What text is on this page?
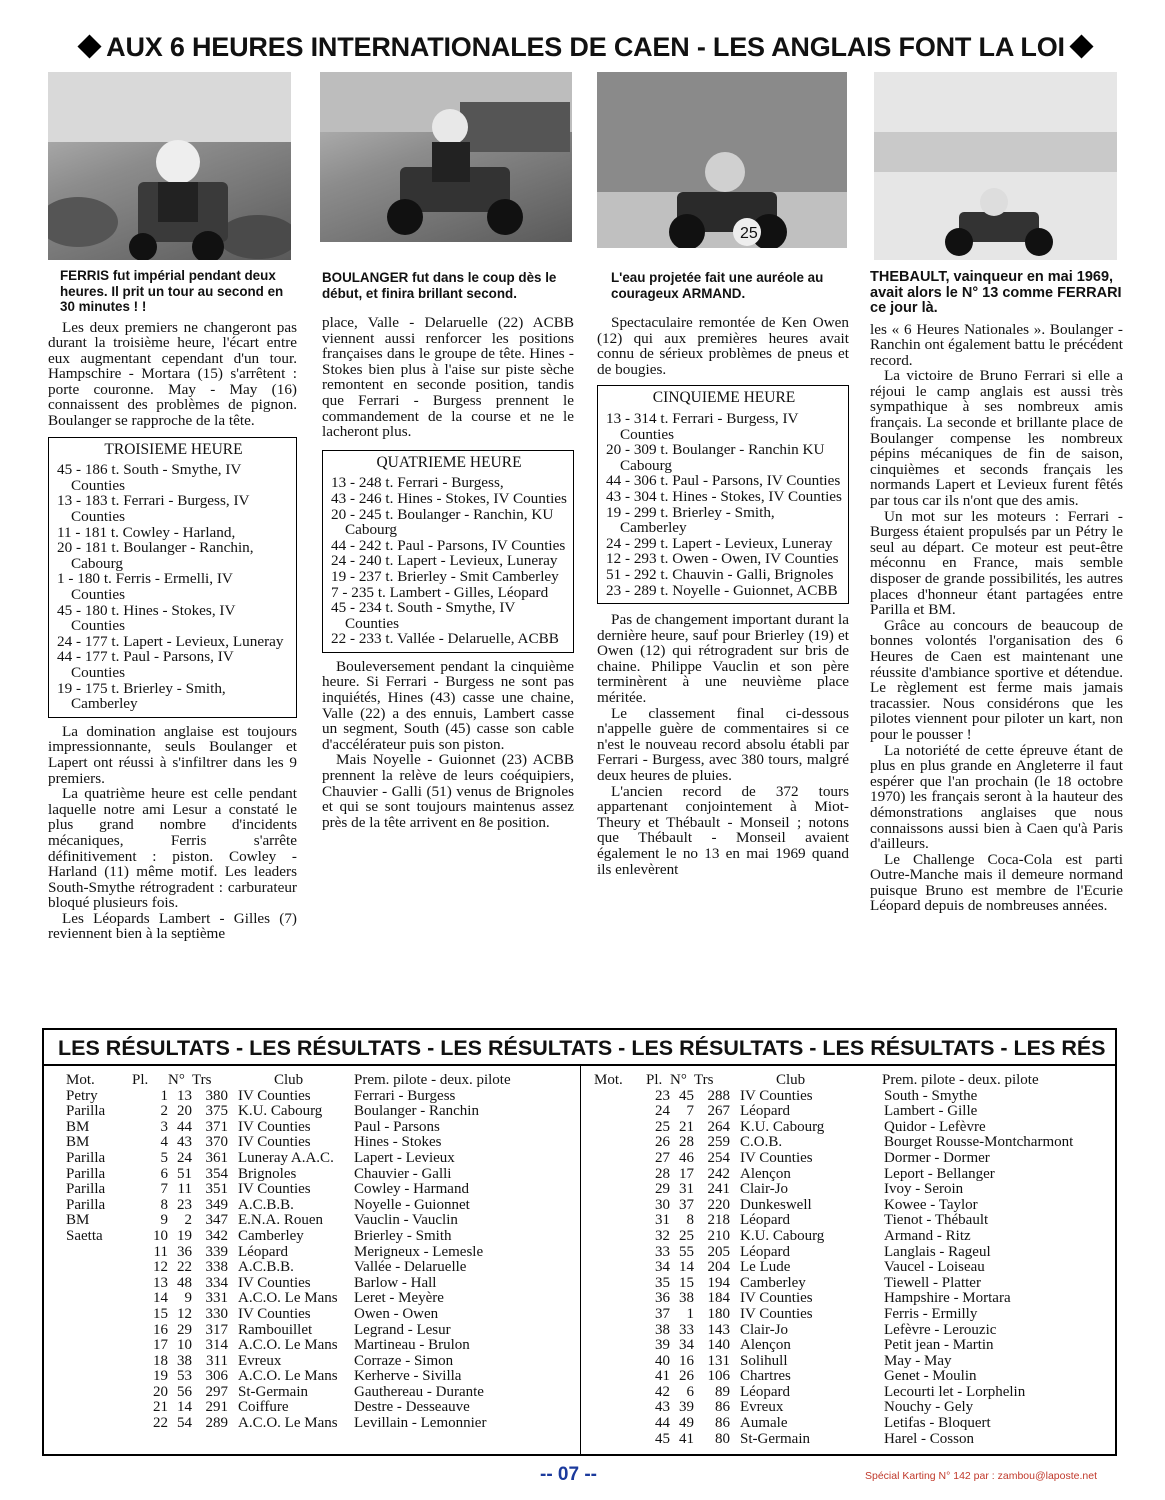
AUX 6 HEURES INTERNATIONALES DE CAEN - LES ANGLAIS FONT LA LOI
25
FERRIS fut impérial pendant deux heures. Il prit un tour au second en 30 minutes ! !

Les deux premiers ne changeront pas durant la troisième heure, l'écart entre eux augmentant cependant d'un tour. Hampschire - Mortara (15) s'arrêtent : porte couronne. May - May (16) connaissent des problèmes de pignon. Boulanger se rapproche de la tête.

TROISIEME HEURE
45 - 186 t. South - Smythe, IV Counties
13 - 183 t. Ferrari - Burgess, IV Counties
11 - 181 t. Cowley - Harland,
20 - 181 t. Boulanger - Ranchin, Cabourg
1 - 180 t. Ferris - Ermelli, IV Counties
45 - 180 t. Hines - Stokes, IV Counties
24 - 177 t. Lapert - Levieux, Luneray
44 - 177 t. Paul - Parsons, IV Counties
19 - 175 t. Brierley - Smith, Camberley

La domination anglaise est toujours impressionnante, seuls Boulanger et Lapert ont réussi à s'infiltrer dans les 9 premiers.

La quatrième heure est celle pendant laquelle notre ami Lesur a constaté le plus grand nombre d'incidents mécaniques, Ferris s'arrête définitivement : piston. Cowley - Harland (11) même motif. Les leaders South-Smythe rétrogradent : carburateur bloqué plusieurs fois.

Les Léopards Lambert - Gilles (7) reviennent bien à la septième

BOULANGER fut dans le coup dès le début, et finira brillant second.

place, Valle - Delaruelle (22) ACBB viennent aussi renforcer les positions françaises dans le groupe de tête. Hines - Stokes bien plus à l'aise sur piste sèche remontent en seconde position, tandis que Ferrari - Burgess prennent le commandement de la course et ne le lacheront plus.

QUATRIEME HEURE
13 - 248 t. Ferrari - Burgess,
43 - 246 t. Hines - Stokes, IV Counties
20 - 245 t. Boulanger - Ranchin, KU Cabourg
44 - 242 t. Paul - Parsons, IV Counties
24 - 240 t. Lapert - Levieux, Luneray
19 - 237 t. Brierley - Smit Camberley
7 - 235 t. Lambert - Gilles, Léopard
45 - 234 t. South - Smythe, IV Counties
22 - 233 t. Vallée - Delaruelle, ACBB

Bouleversement pendant la cinquième heure. Si Ferrari - Burgess ne sont pas inquiétés, Hines (43) casse une chaine, Valle (22) a des ennuis, Lambert casse un segment, South (45) casse son cable d'accélérateur puis son piston.

Mais Noyelle - Guionnet (23) ACBB prennent la relève de leurs coéquipiers, Chauvier - Galli (51) venus de Brignoles et qui se sont toujours maintenus assez près de la tête arrivent en 8e position.

L'eau projetée fait une auréole au courageux ARMAND.

Spectaculaire remontée de Ken Owen (12) qui aux premières heures avait connu de sérieux problèmes de pneus et de bougies.

CINQUIEME HEURE
13 - 314 t. Ferrari - Burgess, IV Counties
20 - 309 t. Boulanger - Ranchin KU Cabourg
44 - 306 t. Paul - Parsons, IV Counties
43 - 304 t. Hines - Stokes, IV Counties
19 - 299 t. Brierley - Smith, Camberley
24 - 299 t. Lapert - Levieux, Luneray
12 - 293 t. Owen - Owen, IV Counties
51 - 292 t. Chauvin - Galli, Brignoles
23 - 289 t. Noyelle - Guionnet, ACBB

Pas de changement important durant la dernière heure, sauf pour Brierley (19) et Owen (12) qui rétrogradent sur bris de chaine. Philippe Vauclin et son père terminèrent à une neuvième place méritée.

Le classement final ci-dessous n'appelle guère de commentaires si ce n'est le nouveau record absolu établi par Ferrari - Burgess, avec 380 tours, malgré deux heures de pluies.

L'ancien record de 372 tours appartenant conjointement à Miot-Theury et Thébault - Monseil ; notons que Thébault - Monseil avaient également le no 13 en mai 1969 quand ils enlevèrent

THEBAULT, vainqueur en mai 1969, avait alors le N° 13 comme FERRARI ce jour là.

les « 6 Heures Nationales ». Boulanger - Ranchin ont également battu le précédent record.

La victoire de Bruno Ferrari si elle a réjoui le camp anglais est aussi très sympathique à ses nombreux amis français. La seconde et brillante place de Boulanger compense les nombreux pépins mécaniques de fin de saison, cinquièmes et seconds français les normands Lapert et Levieux furent fêtés par tous car ils n'ont que des amis.

Un mot sur les moteurs : Ferrari - Burgess étaient propulsés par un Pétry le seul au départ. Ce moteur est peut-être méconnu en France, mais semble disposer de grande possibilités, les autres places d'honneur étant partagées entre Parilla et BM.

Grâce au concours de beaucoup de bonnes volontés l'organisation des 6 Heures de Caen est maintenant une réussite d'ambiance sportive et détendue. Le règlement est ferme mais jamais tracassier. Nous considérons que les pilotes viennent pour piloter un kart, non pour le pousser !

La notoriété de cette épreuve étant de plus en plus grande en Angleterre il faut espérer que l'an prochain (le 18 octobre 1970) les français seront à la hauteur des démonstrations anglaises que nous connaissons aussi bien à Caen qu'à Paris d'ailleurs.

Le Challenge Coca-Cola est parti Outre-Manche mais il demeure normand puisque Bruno est membre de l'Ecurie Léopard depuis de nombreuses années.

LES RÉSULTATS - LES RÉSULTATS - LES RÉSULTATS - LES RÉSULTATS - LES RÉSULTATS - LES RÉS
Mot.	Pl.	N°	Trs	Club	Prem. pilote - deux. pilote
Petry	1	13	380	IV Counties	Ferrari - Burgess
Parilla	2	20	375	K.U. Cabourg	Boulanger - Ranchin
BM	3	44	371	IV Counties	Paul - Parsons
BM	4	43	370	IV Counties	Hines - Stokes
Parilla	5	24	361	Luneray A.A.C.	Lapert - Levieux
Parilla	6	51	354	Brignoles	Chauvier - Galli
Parilla	7	11	351	IV Counties	Cowley - Harmand
Parilla	8	23	349	A.C.B.B.	Noyelle - Guionnet
BM	9	2	347	E.N.A. Rouen	Vauclin - Vauclin
Saetta	10	19	342	Camberley	Brierley - Smith
	11	36	339	Léopard	Merigneux - Lemesle
	12	22	338	A.C.B.B.	Vallée - Delaruelle
	13	48	334	IV Counties	Barlow - Hall
	14	9	331	A.C.O. Le Mans	Leret - Meyère
	15	12	330	IV Counties	Owen - Owen
	16	29	317	Rambouillet	Legrand - Lesur
	17	10	314	A.C.O. Le Mans	Martineau - Brulon
	18	38	311	Evreux	Corraze - Simon
	19	53	306	A.C.O. Le Mans	Kerherve - Sivilla
	20	56	297	St-Germain	Gauthereau - Durante
	21	14	291	Coiffure	Destre - Desseauve
	22	54	289	A.C.O. Le Mans	Levillain - Lemonnier
Mot.	Pl.	N°	Trs	Club	Prem. pilote - deux. pilote
	23	45	288	IV Counties	South - Smythe
	24	7	267	Léopard	Lambert - Gille
	25	21	264	K.U. Cabourg	Quidor - Lefèvre
	26	28	259	C.O.B.	Bourget Rousse-Montcharmont
	27	46	254	IV Counties	Dormer - Dormer
	28	17	242	Alençon	Leport - Bellanger
	29	31	241	Clair-Jo	Ivoy - Seroin
	30	37	220	Dunkeswell	Kowee - Taylor
	31	8	218	Léopard	Tienot - Thébault
	32	25	210	K.U. Cabourg	Armand - Ritz
	33	55	205	Léopard	Langlais - Rageul
	34	14	204	Le Lude	Vaucel - Loiseau
	35	15	194	Camberley	Tiewell - Platter
	36	38	184	IV Counties	Hampshire - Mortara
	37	1	180	IV Counties	Ferris - Ermilly
	38	33	143	Clair-Jo	Lefèvre - Lerouzic
	39	34	140	Alençon	Petit jean - Martin
	40	16	131	Solihull	May - May
	41	26	106	Chartres	Genet - Moulin
	42	6	89	Léopard	Lecourti let - Lorphelin
	43	39	86	Evreux	Nouchy - Gely
	44	49	86	Aumale	Letifas - Bloquert
	45	41	80	St-Germain	Harel - Cosson
-- 07 --	Spécial Karting N° 142 par : zambou@laposte.net
